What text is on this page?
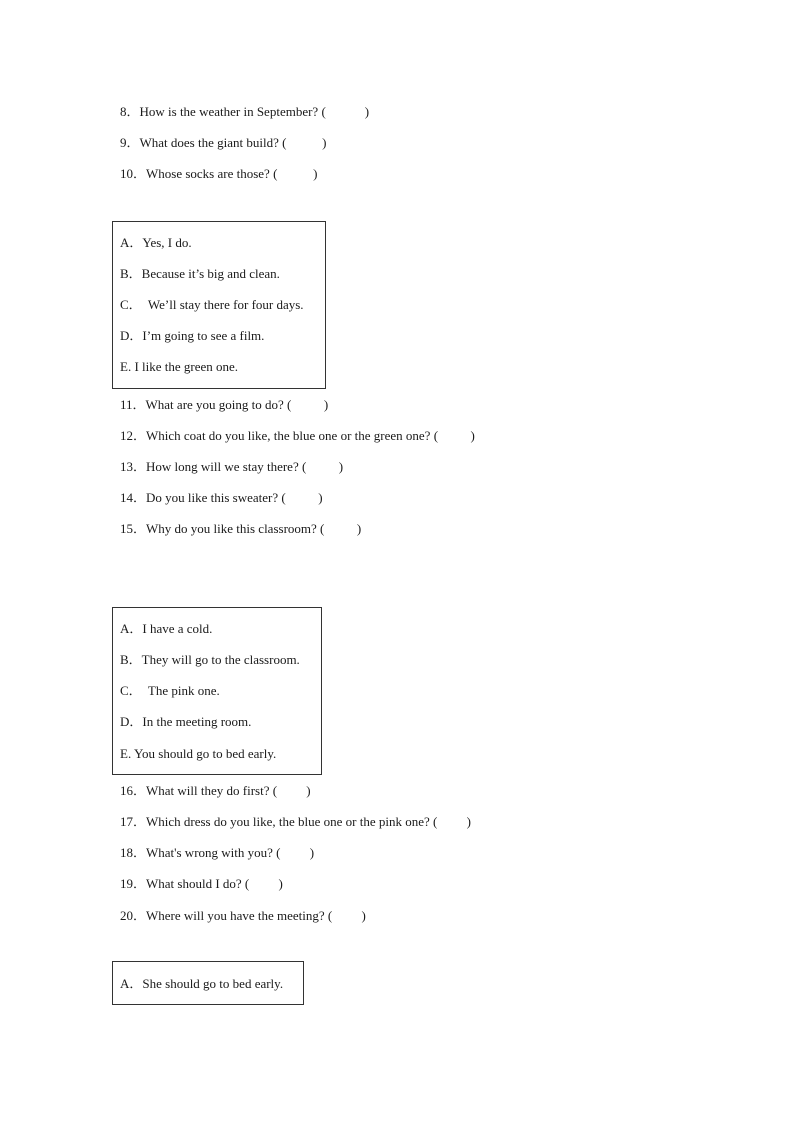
8．How is the weather in September? (            )
9．What does the giant build? (           )
10．Whose socks are those? (           )
A．Yes, I do.
B．Because it’s big and clean.
C．  We’ll stay there for four days.
D．I’m going to see a film.
E. I like the green one.
11．What are you going to do? (          )
12．Which coat do you like, the blue one or the green one? (          )
13．How long will we stay there? (          )
14．Do you like this sweater? (          )
15．Why do you like this classroom? (          )
A．I have a cold.
B．They will go to the classroom.
C．  The pink one.
D．In the meeting room.
E. You should go to bed early.
16．What will they do first? (         )
17．Which dress do you like, the blue one or the pink one? (         )
18．What's wrong with you? (         )
19．What should I do? (         )
20．Where will you have the meeting? (         )
A．She should go to bed early.
